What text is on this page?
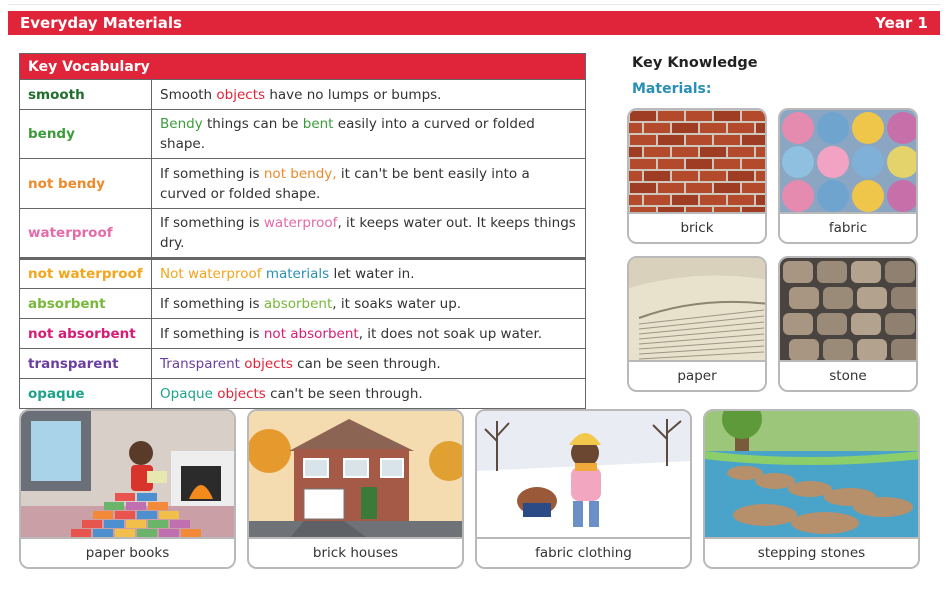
Everyday Materials	Year 1
Key Vocabulary	
smooth	Smooth objects have no lumps or bumps.
bendy	Bendy things can be bent easily into a curved or folded shape.
not bendy	If something is not bendy, it can't be bent easily into a curved or folded shape.
waterproof	If something is waterproof, it keeps water out. It keeps things dry.
not waterproof	Not waterproof materials let water in.
absorbent	If something is absorbent, it soaks water up.
not absorbent	If something is not absorbent, it does not soak up water.
transparent	Transparent objects can be seen through.
opaque	Opaque objects can't be seen through.
Key Knowledge
Materials:
brick	fabric
paper	stone
paper books	brick houses	fabric clothing	stepping stones
